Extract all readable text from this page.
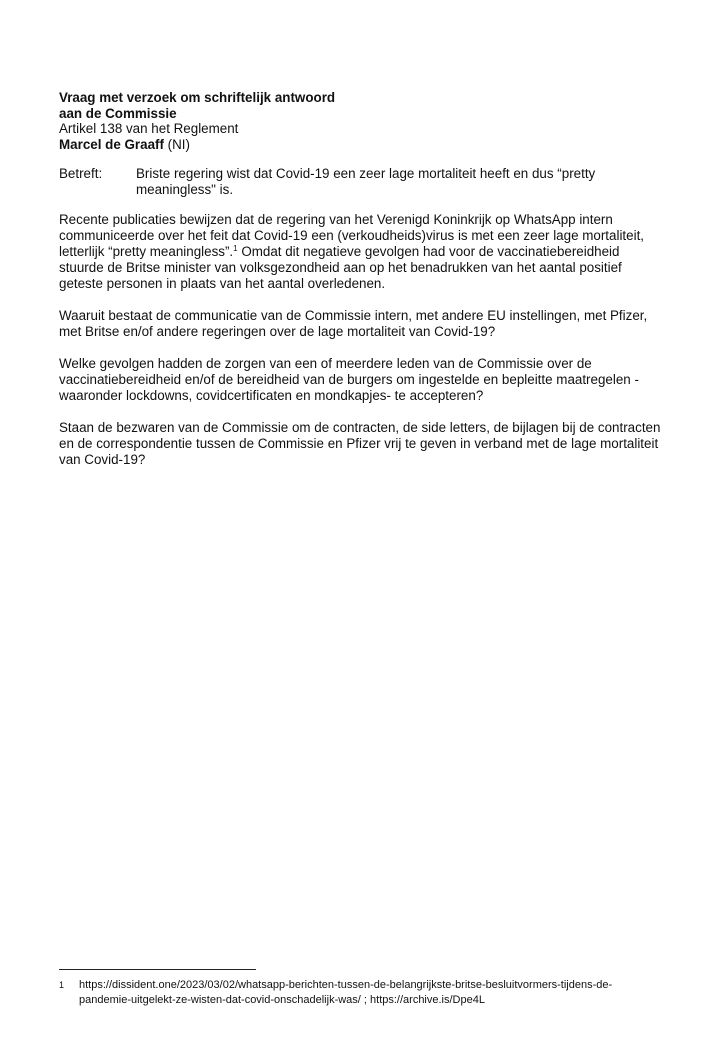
Vraag met verzoek om schriftelijk antwoord
aan de Commissie
Artikel 138 van het Reglement
Marcel de Graaff (NI)
Betreft:	Briste regering wist dat Covid-19 een zeer lage mortaliteit heeft en dus “pretty
meaningless" is.
Recente publicaties bewijzen dat de regering van het Verenigd Koninkrijk op WhatsApp intern
communiceerde over het feit dat Covid-19 een (verkoudheids)virus is met een zeer lage mortaliteit,
letterlijk “pretty meaningless”.$^1$ Omdat dit negatieve gevolgen had voor de vaccinatiebereidheid
stuurde de Britse minister van volksgezondheid aan op het benadrukken van het aantal positief
geteste personen in plaats van het aantal overledenen.
Waaruit bestaat de communicatie van de Commissie intern, met andere EU instellingen, met Pfizer,
met Britse en/of andere regeringen over de lage mortaliteit van Covid-19?
Welke gevolgen hadden de zorgen van een of meerdere leden van de Commissie over de
vaccinatiebereidheid en/of de bereidheid van de burgers om ingestelde en bepleitte maatregelen -
waaronder lockdowns, covidcertificaten en mondkapjes- te accepteren?
Staan de bezwaren van de Commissie om de contracten, de side letters, de bijlagen bij de contracten
en de correspondentie tussen de Commissie en Pfizer vrij te geven in verband met de lage mortaliteit
van Covid-19?
1 https://dissident.one/2023/03/02/whatsapp-berichten-tussen-de-belangrijkste-britse-besluitvormers-tijdens-de-
pandemie-uitgelekt-ze-wisten-dat-covid-onschadelijk-was/ ; https://archive.is/Dpe4L
